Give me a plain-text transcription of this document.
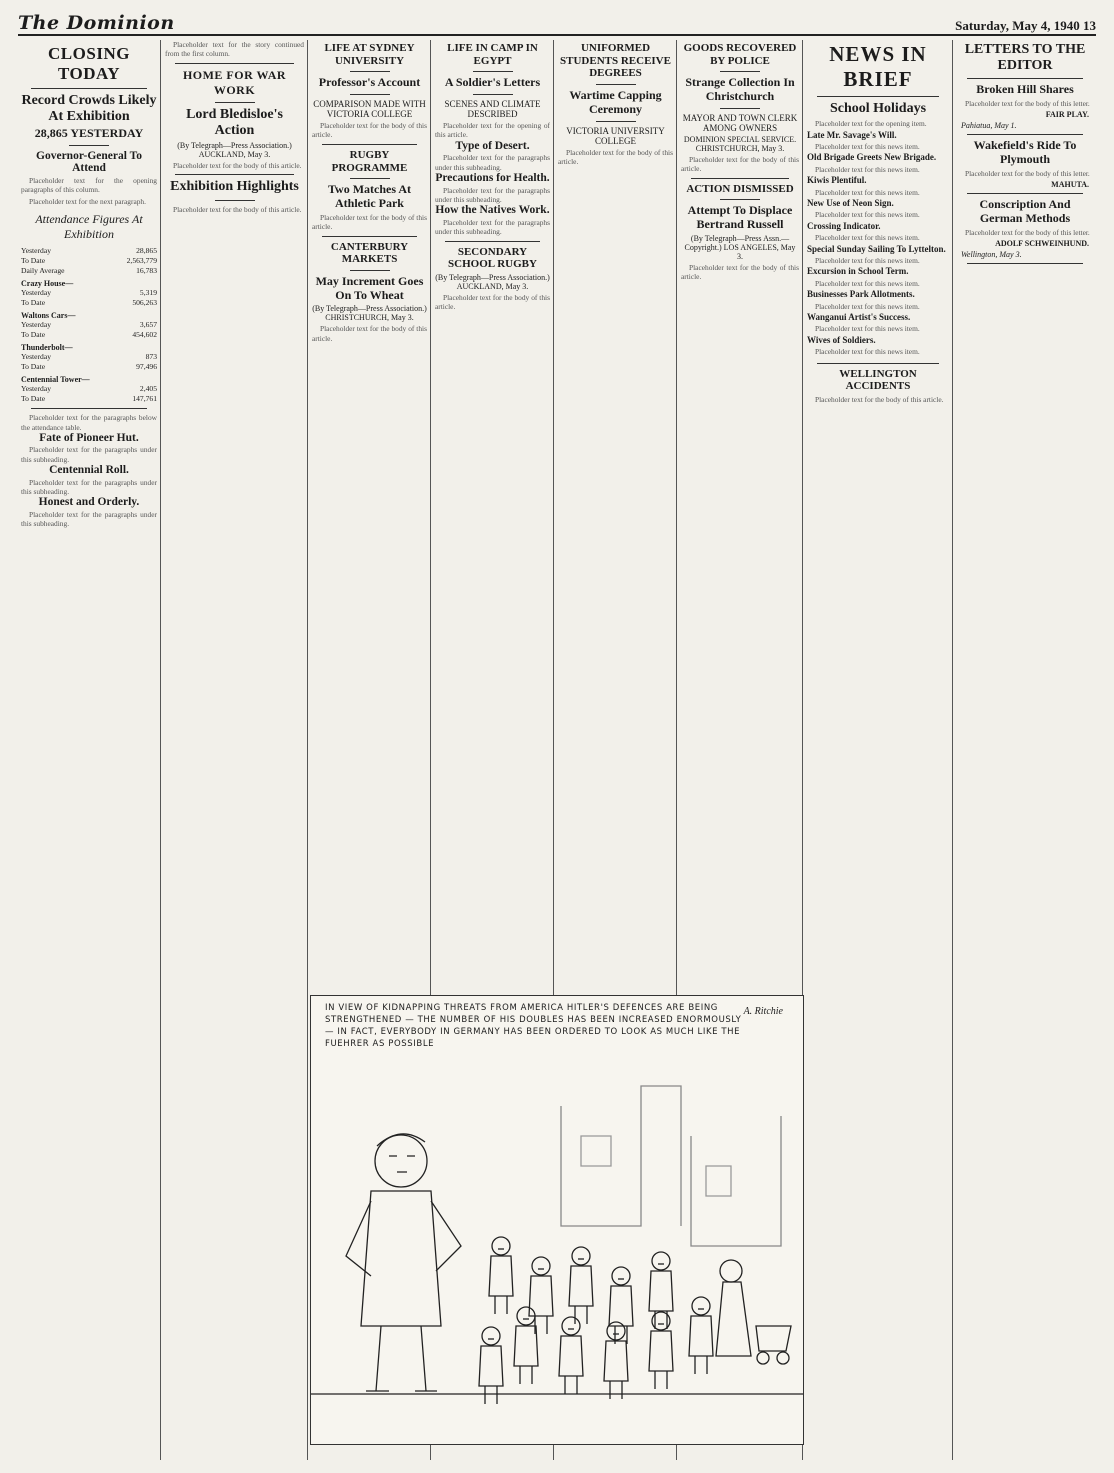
The Dominion	Saturday, May 4, 1940 13
CLOSING TODAY
Record Crowds Likely At Exhibition
28,865 YESTERDAY
Governor-General To Attend

Placeholder text for the opening paragraphs of this column.

Placeholder text for the next paragraph.

Attendance Figures At Exhibition
Yesterday	28,865
To Date	2,563,779
Daily Average	16,783
Crazy House—
Yesterday	5,319
To Date	506,263
Waltons Cars—
Yesterday	3,657
To Date	454,602
Thunderbolt—
Yesterday	873
To Date	97,496
Centennial Tower—
Yesterday	2,405
To Date	147,761

Placeholder text for the paragraphs below the attendance table.

Fate of Pioneer Hut.

Placeholder text for the paragraphs under this subheading.

Centennial Roll.

Placeholder text for the paragraphs under this subheading.

Honest and Orderly.

Placeholder text for the paragraphs under this subheading.

Placeholder text for the story continued from the first column.

HOME FOR WAR WORK
Lord Bledisloe's Action
(By Telegraph—Press Association.) AUCKLAND, May 3.

Placeholder text for the body of this article.

Exhibition Highlights

Placeholder text for the body of this article.

LIFE AT SYDNEY UNIVERSITY
Professor's Account
COMPARISON MADE WITH VICTORIA COLLEGE

Placeholder text for the body of this article.

RUGBY PROGRAMME
Two Matches At Athletic Park

Placeholder text for the body of this article.

CANTERBURY MARKETS
May Increment Goes On To Wheat
(By Telegraph—Press Association.) CHRISTCHURCH, May 3.

Placeholder text for the body of this article.

LIFE IN CAMP IN EGYPT
A Soldier's Letters
SCENES AND CLIMATE DESCRIBED

Placeholder text for the opening of this article.

Type of Desert.

Placeholder text for the paragraphs under this subheading.

Precautions for Health.

Placeholder text for the paragraphs under this subheading.

How the Natives Work.

Placeholder text for the paragraphs under this subheading.

SECONDARY SCHOOL RUGBY
(By Telegraph—Press Association.) AUCKLAND, May 3.

Placeholder text for the body of this article.

UNIFORMED STUDENTS RECEIVE DEGREES
Wartime Capping Ceremony
VICTORIA UNIVERSITY COLLEGE

Placeholder text for the body of this article.

GOODS RECOVERED BY POLICE
Strange Collection In Christchurch
MAYOR AND TOWN CLERK AMONG OWNERS
DOMINION SPECIAL SERVICE. CHRISTCHURCH, May 3.

Placeholder text for the body of this article.

ACTION DISMISSED
Attempt To Displace Bertrand Russell
(By Telegraph—Press Assn.—Copyright.) LOS ANGELES, May 3.

Placeholder text for the body of this article.

NEWS IN BRIEF
School Holidays

Placeholder text for the opening item.

Late Mr. Savage's Will.

Placeholder text for this news item.

Old Brigade Greets New Brigade.

Placeholder text for this news item.

Kiwis Plentiful.

Placeholder text for this news item.

New Use of Neon Sign.

Placeholder text for this news item.

Crossing Indicator.

Placeholder text for this news item.

Special Sunday Sailing To Lyttelton.

Placeholder text for this news item.

Excursion in School Term.

Placeholder text for this news item.

Businesses Park Allotments.

Placeholder text for this news item.

Wanganui Artist's Success.

Placeholder text for this news item.

Wives of Soldiers.

Placeholder text for this news item.

WELLINGTON ACCIDENTS

Placeholder text for the body of this article.

LETTERS TO THE EDITOR
Broken Hill Shares

Placeholder text for the body of this letter.

FAIR PLAY.
Pahiatua, May 1.
Wakefield's Ride To Plymouth

Placeholder text for the body of this letter.

MAHUTA.
Conscription And German Methods

Placeholder text for the body of this letter.

ADOLF SCHWEINHUND.
Wellington, May 3.
IN VIEW OF KIDNAPPING THREATS FROM AMERICA HITLER'S DEFENCES ARE BEING STRENGTHENED — THE NUMBER OF HIS DOUBLES HAS BEEN INCREASED ENORMOUSLY — IN FACT, EVERYBODY IN GERMANY HAS BEEN ORDERED TO LOOK AS MUCH LIKE THE FUEHRER AS POSSIBLE
A. Ritchie
